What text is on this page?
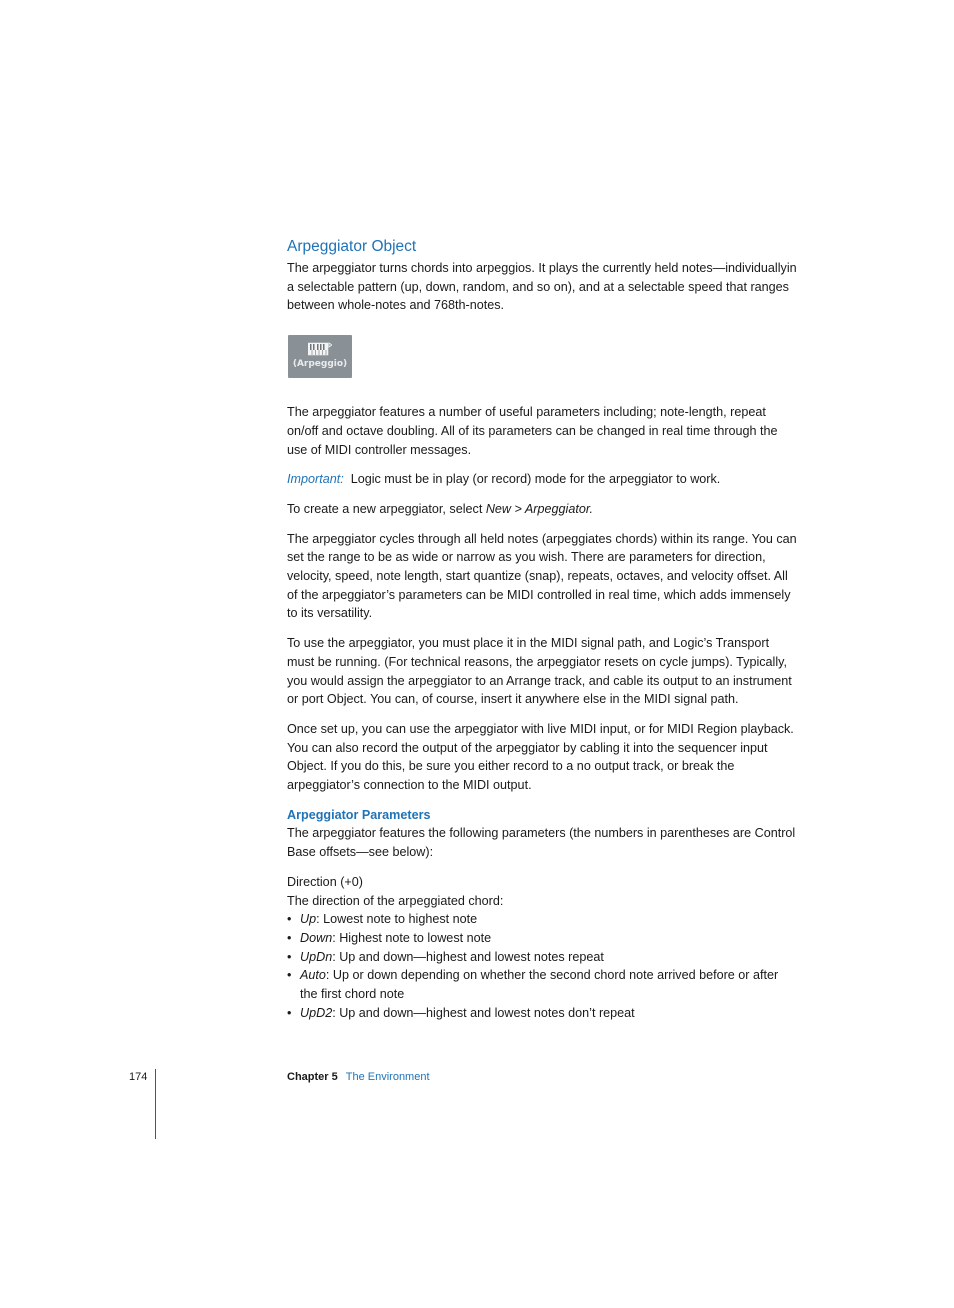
Arpeggiator Object

The arpeggiator turns chords into arpeggios. It plays the currently held notes—individuallyin a selectable pattern (up, down, random, and so on), and at a selectable speed that ranges between whole-notes and 768th-notes.

(Arpeggio)

The arpeggiator features a number of useful parameters including; note-length, repeat on/off and octave doubling. All of its parameters can be changed in real time through the use of MIDI controller messages.

Important: Logic must be in play (or record) mode for the arpeggiator to work.

To create a new arpeggiator, select New > Arpeggiator.

The arpeggiator cycles through all held notes (arpeggiates chords) within its range. You can set the range to be as wide or narrow as you wish. There are parameters for direction, velocity, speed, note length, start quantize (snap), repeats, octaves, and velocity offset. All of the arpeggiator’s parameters can be MIDI controlled in real time, which adds immensely to its versatility.

To use the arpeggiator, you must place it in the MIDI signal path, and Logic’s Transport must be running. (For technical reasons, the arpeggiator resets on cycle jumps). Typically, you would assign the arpeggiator to an Arrange track, and cable its output to an instrument or port Object. You can, of course, insert it anywhere else in the MIDI signal path.

Once set up, you can use the arpeggiator with live MIDI input, or for MIDI Region playback. You can also record the output of the arpeggiator by cabling it into the sequencer input Object. If you do this, be sure you either record to a no output track, or break the arpeggiator’s connection to the MIDI output.

Arpeggiator Parameters

The arpeggiator features the following parameters (the numbers in parentheses are Control Base offsets—see below):

Direction (+0)
The direction of the arpeggiated chord:
• Up: Lowest note to highest note
• Down: Highest note to lowest note
• UpDn: Up and down—highest and lowest notes repeat
• Auto: Up or down depending on whether the second chord note arrived before or after the first chord note
• UpD2: Up and down—highest and lowest notes don’t repeat
174	Chapter 5 The Environment
